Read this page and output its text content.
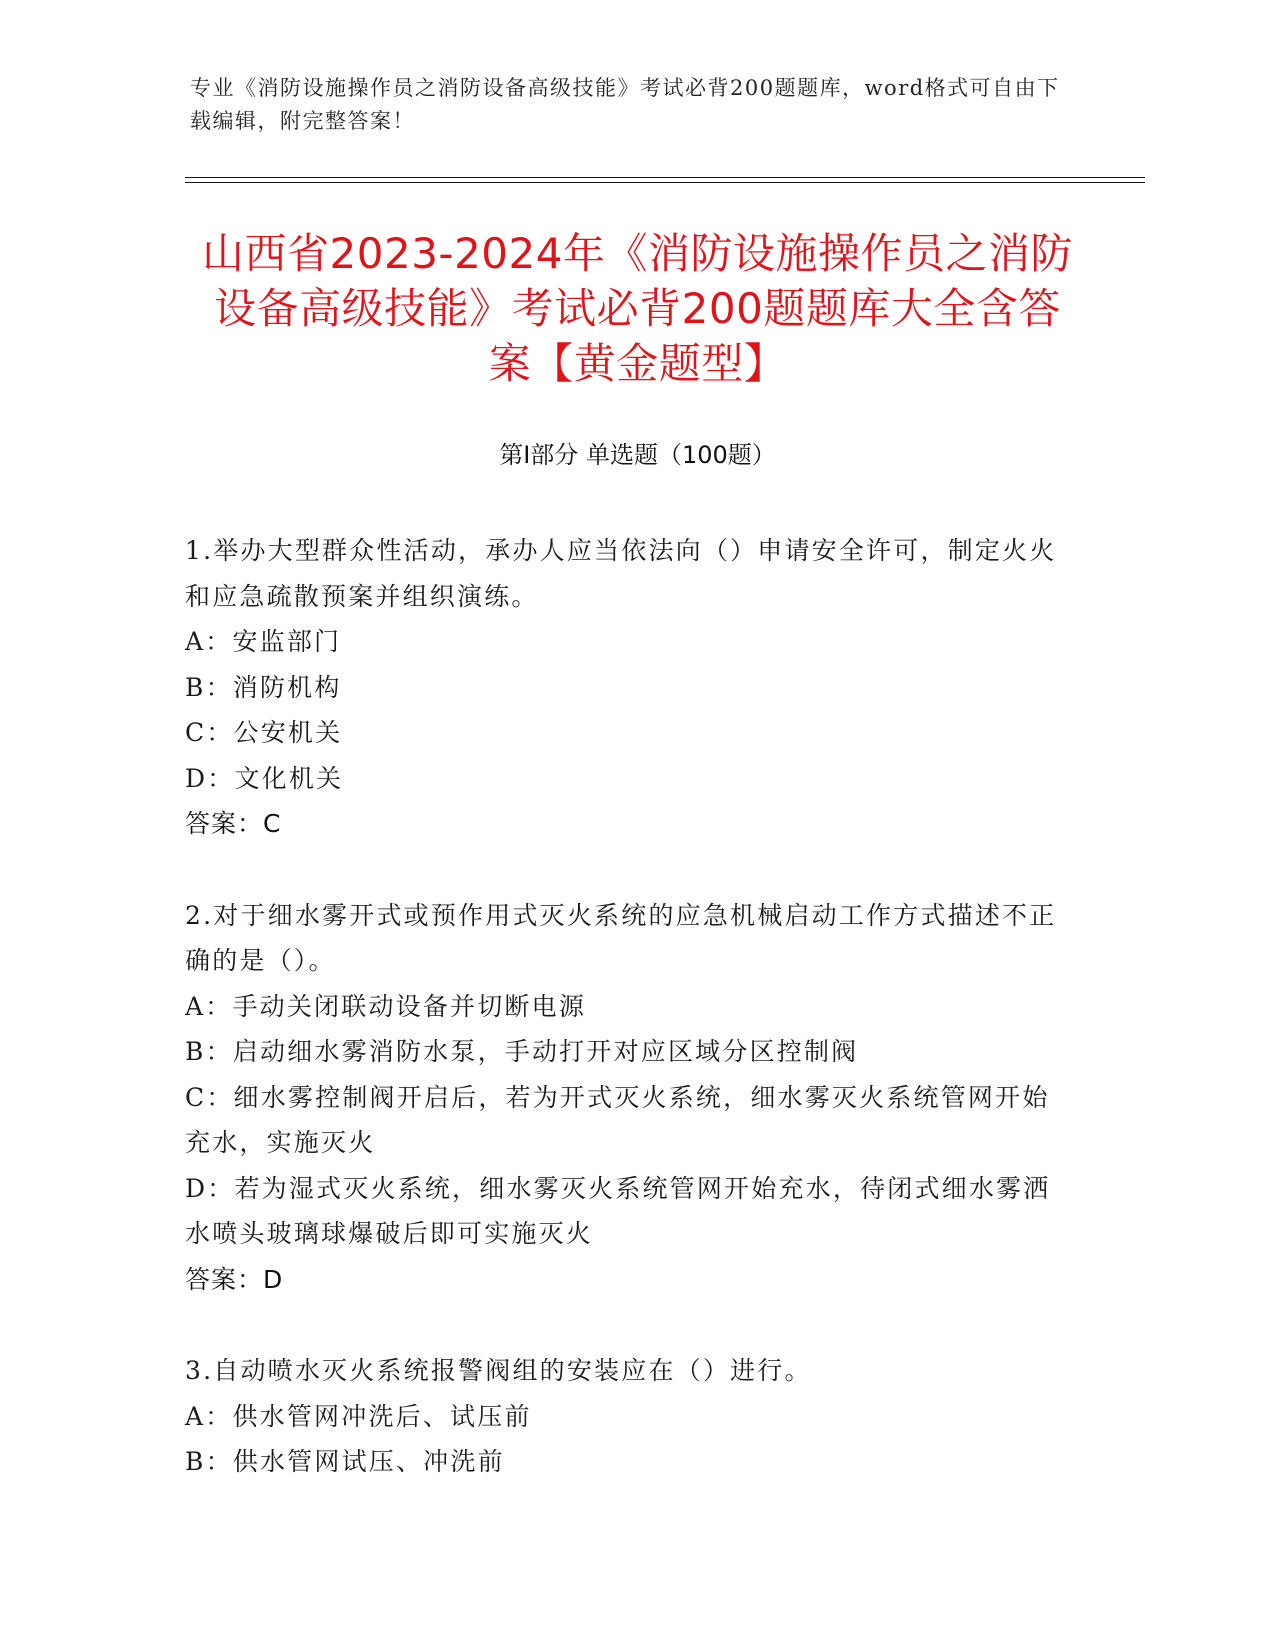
专业《消防设施操作员之消防设备高级技能》考试必背200题题库，word格式可自由下载编辑，附完整答案！
山西省2023-2024年《消防设施操作员之消防设备高级技能》考试必背200题题库大全含答案【黄金题型】
第Ⅰ部分 单选题（100题）

1.举办大型群众性活动，承办人应当依法向（）申请安全许可，制定火火和应急疏散预案并组织演练。

A：安监部门

B：消防机构

C：公安机关

D：文化机关

答案：C

2.对于细水雾开式或预作用式灭火系统的应急机械启动工作方式描述不正确的是（）。

A：手动关闭联动设备并切断电源

B：启动细水雾消防水泵，手动打开对应区域分区控制阀

C：细水雾控制阀开启后，若为开式灭火系统，细水雾灭火系统管网开始充水，实施灭火

D：若为湿式灭火系统，细水雾灭火系统管网开始充水，待闭式细水雾洒水喷头玻璃球爆破后即可实施灭火

答案：D

3.自动喷水灭火系统报警阀组的安装应在（）进行。

A：供水管网冲洗后、试压前

B：供水管网试压、冲洗前
